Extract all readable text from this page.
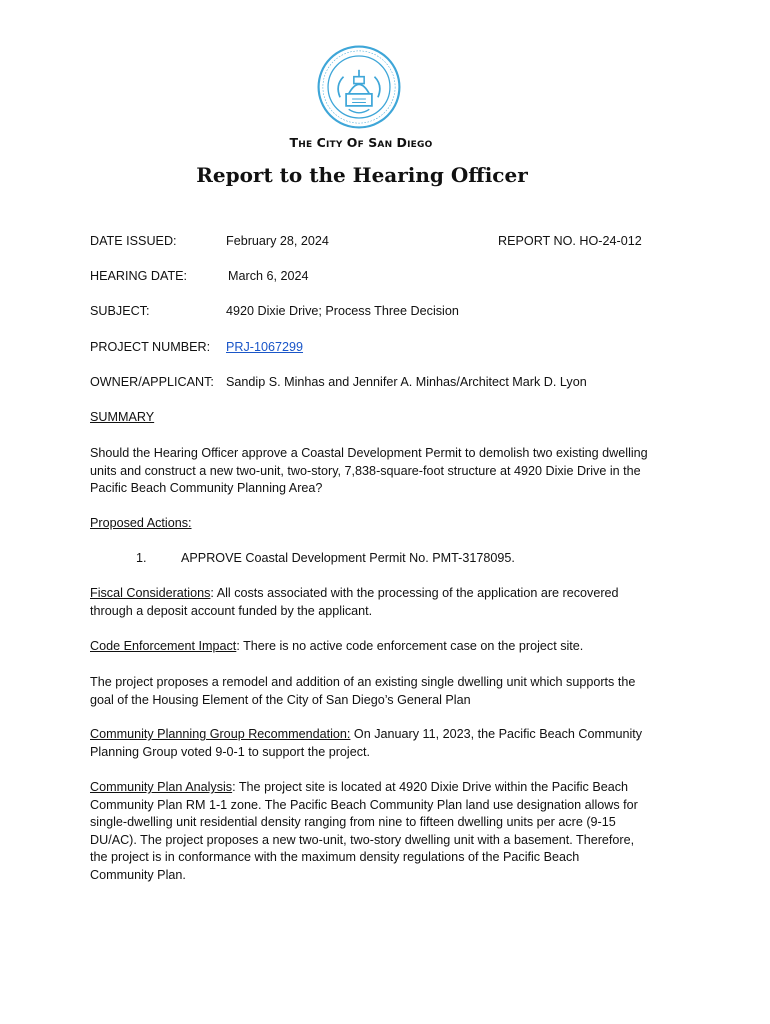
THE CITY OF SAN DIEGO
Report to the Hearing Officer
DATE ISSUED:	February 28, 2024	REPORT NO. HO-24-012
HEARING DATE:	March 6, 2024
SUBJECT:	4920 Dixie Drive; Process Three Decision
PROJECT NUMBER: PRJ-1067299
OWNER/APPLICANT: Sandip S. Minhas and Jennifer A. Minhas/Architect Mark D. Lyon
SUMMARY
Should the Hearing Officer approve a Coastal Development Permit to demolish two existing dwelling
units and construct a new two-unit, two-story, 7,838-square-foot structure at 4920 Dixie Drive in the
Pacific Beach Community Planning Area?
Proposed Actions:
1.	APPROVE Coastal Development Permit No. PMT-3178095.
Fiscal Considerations: All costs associated with the processing of the application are recovered
through a deposit account funded by the applicant.
Code Enforcement Impact: There is no active code enforcement case on the project site.
The project proposes a remodel and addition of an existing single dwelling unit which supports the
goal of the Housing Element of the City of San Diego’s General Plan
Community Planning Group Recommendation: On January 11, 2023, the Pacific Beach Community
Planning Group voted 9-0-1 to support the project.
Community Plan Analysis: The project site is located at 4920 Dixie Drive within the Pacific Beach
Community Plan RM 1-1 zone. The Pacific Beach Community Plan land use designation allows for
single-dwelling unit residential density ranging from nine to fifteen dwelling units per acre (9-15
DU/AC). The project proposes a new two-unit, two-story dwelling unit with a basement. Therefore,
the project is in conformance with the maximum density regulations of the Pacific Beach
Community Plan.
